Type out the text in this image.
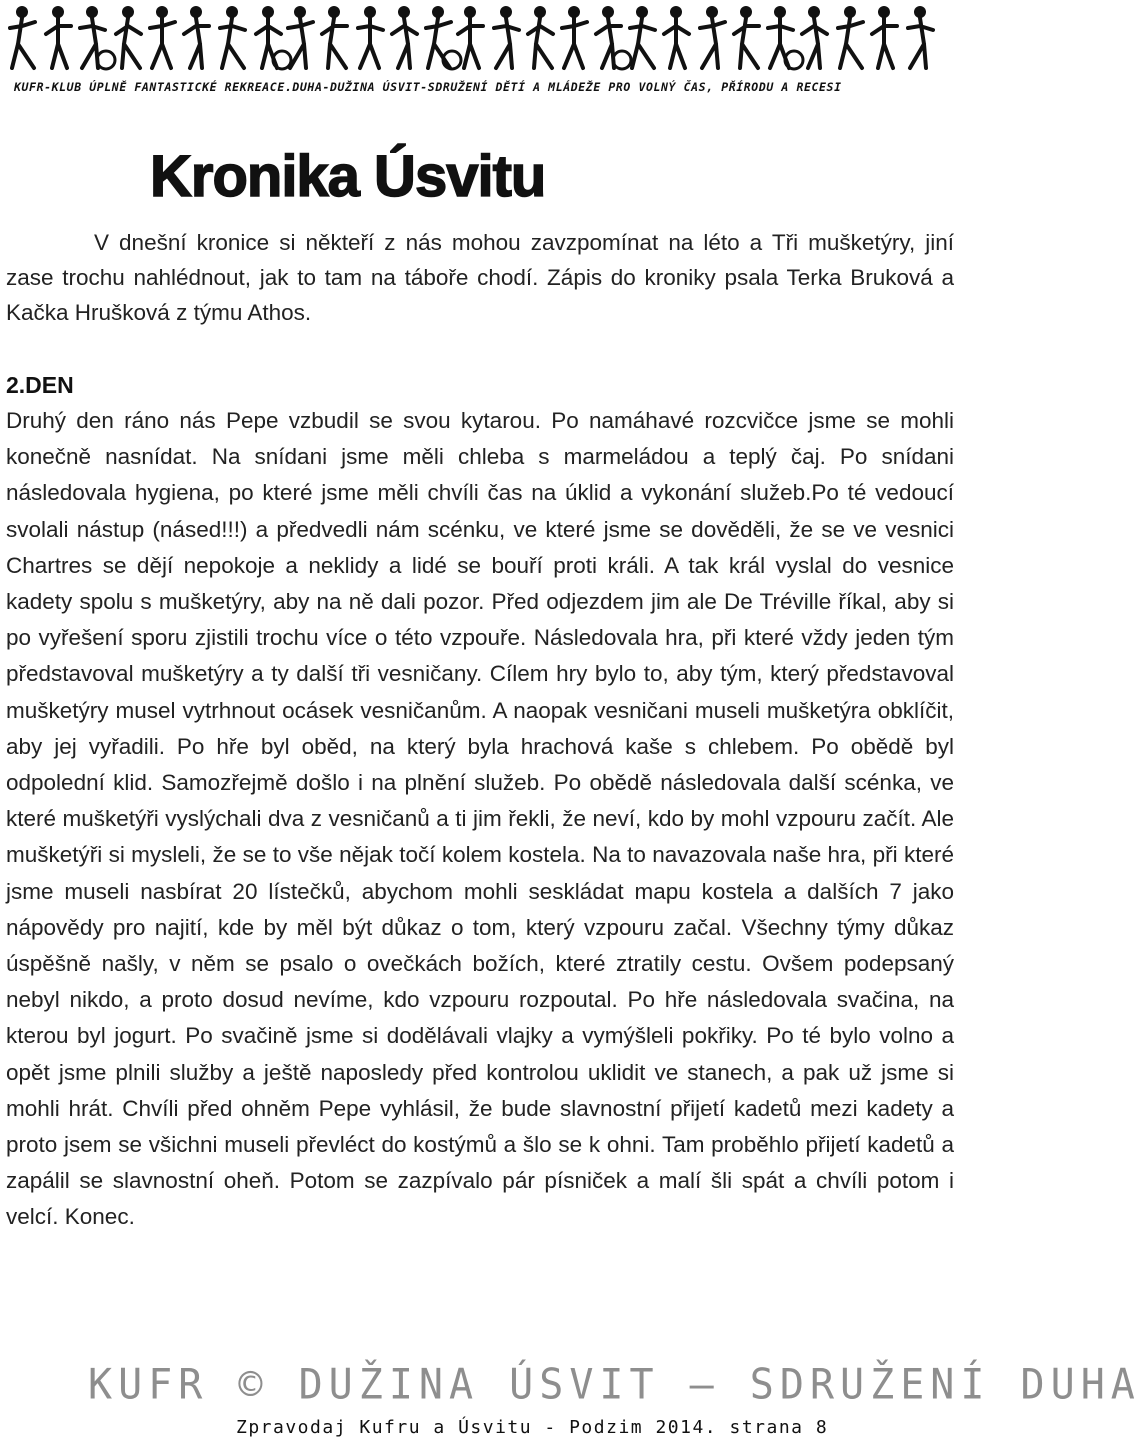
KUFR-KLUB ÚPLNĚ FANTASTICKÉ REKREACE.DUHA-DUŽINA ÚSVIT-SDRUŽENÍ DĚTÍ A MLÁDEŽE PRO VOLNÝ ČAS, PŘÍRODU A RECESI
Kronika Úsvitu

V dnešní kronice si někteří z nás mohou zavzpomínat na léto a Tři mušketýry, jiní zase trochu nahlédnout, jak to tam na táboře chodí. Zápis do kroniky psala Terka Bruková a Kačka Hrušková z týmu Athos.

2.DEN

Druhý den ráno nás Pepe vzbudil se svou kytarou. Po namáhavé rozcvičce jsme se mohli konečně nasnídat. Na snídani jsme měli chleba s marmeládou a teplý čaj. Po snídani následovala hygiena, po které jsme měli chvíli čas na úklid a vykonání služeb.Po té vedoucí svolali nástup (násed!!!) a předvedli nám scénku, ve které jsme se dověděli, že se ve vesnici Chartres se dějí nepokoje a neklidy a lidé se bouří proti králi. A tak král vyslal do vesnice kadety spolu s mušketýry, aby na ně dali pozor. Před odjezdem jim ale De Tréville říkal, aby si po vyřešení sporu zjistili trochu více o této vzpouře. Následovala hra, při které vždy jeden tým představoval mušketýry a ty další tři vesničany. Cílem hry bylo to, aby tým, který představoval mušketýry musel vytrhnout ocásek vesničanům. A naopak vesničani museli mušketýra obklíčit, aby jej vyřadili. Po hře byl oběd, na který byla hrachová kaše s chlebem. Po obědě byl odpolední klid. Samozřejmě došlo i na plnění služeb. Po obědě následovala další scénka, ve které mušketýři vyslýchali dva z vesničanů a ti jim řekli, že neví, kdo by mohl vzpouru začít. Ale mušketýři si mysleli, že se to vše nějak točí kolem kostela. Na to navazovala naše hra, při které jsme museli nasbírat 20 lístečků, abychom mohli seskládat mapu kostela a dalších 7 jako nápovědy pro najití, kde by měl být důkaz o tom, který vzpouru začal. Všechny týmy důkaz úspěšně našly, v něm se psalo o ovečkách božích, které ztratily cestu. Ovšem podepsaný nebyl nikdo, a proto dosud nevíme, kdo vzpouru rozpoutal. Po hře následovala svačina, na kterou byl jogurt. Po svačině jsme si dodělávali vlajky a vymýšleli pokřiky. Po té bylo volno a opět jsme plnili služby a ještě naposledy před kontrolou uklidit ve stanech, a pak už jsme si mohli hrát. Chvíli před ohněm Pepe vyhlásil, že bude slavnostní přijetí kadetů mezi kadety a proto jsem se všichni museli převléct do kostýmů a šlo se k ohni. Tam proběhlo přijetí kadetů a zapálil se slavnostní oheň. Potom se zazpívalo pár písniček a malí šli spát a chvíli potom i velcí. Konec.

KUFR © DUŽINA ÚSVIT – SDRUŽENÍ DUHA
Zpravodaj Kufru a Úsvitu - Podzim 2014. strana 8
